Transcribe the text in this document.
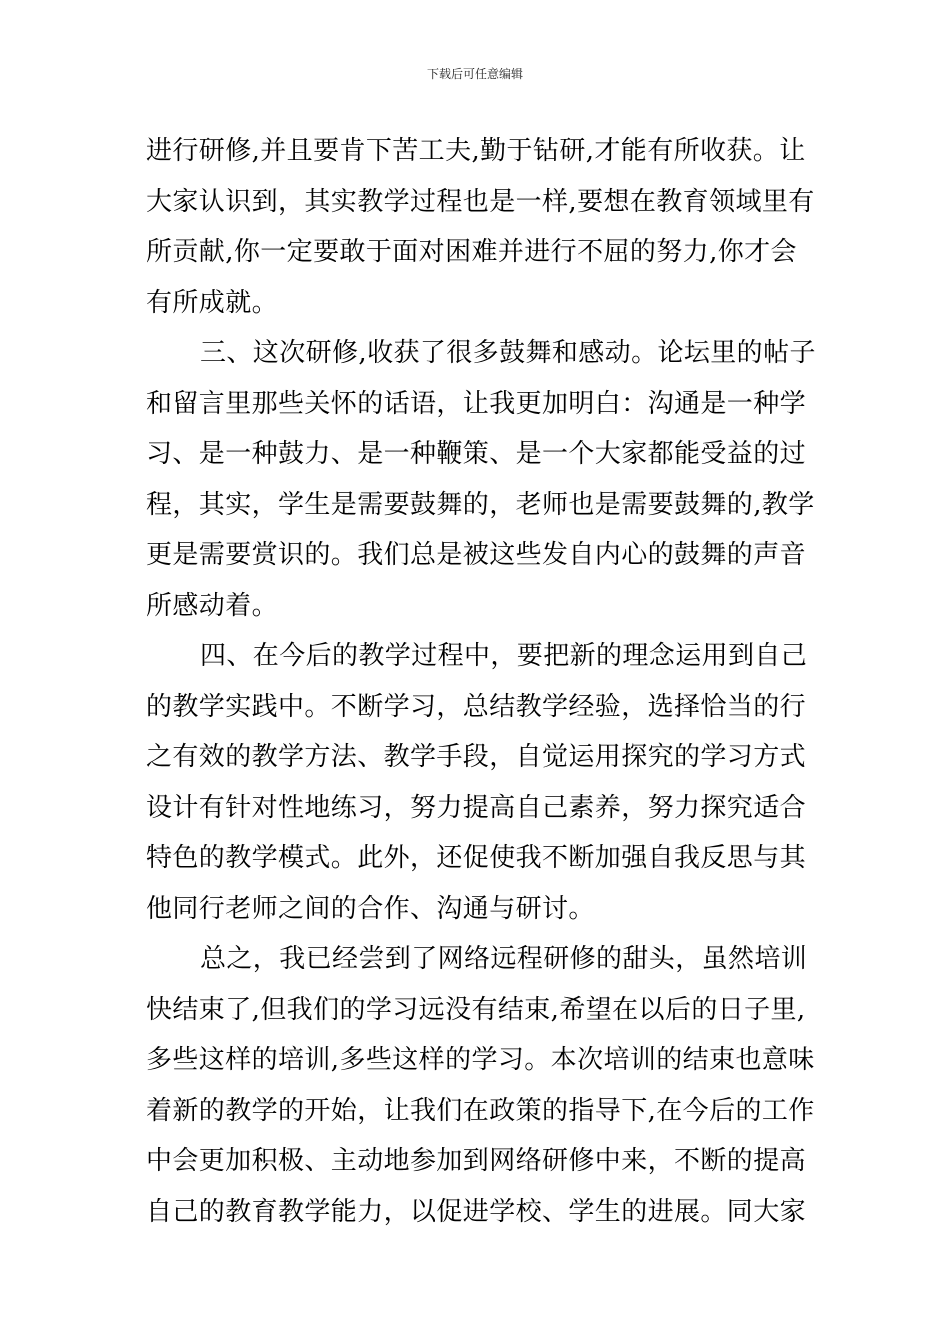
下载后可任意编辑

进行研修,并且要肯下苦工夫,勤于钻研,才能有所收获。让
大家认识到，其实教学过程也是一样,要想在教育领域里有
所贡献,你一定要敢于面对困难并进行不屈的努力,你才会
有所成就。

三、这次研修,收获了很多鼓舞和感动。论坛里的帖子
和留言里那些关怀的话语，让我更加明白：沟通是一种学
习、是一种鼓力、是一种鞭策、是一个大家都能受益的过
程，其实，学生是需要鼓舞的，老师也是需要鼓舞的,教学
更是需要赏识的。我们总是被这些发自内心的鼓舞的声音
所感动着。

四、在今后的教学过程中，要把新的理念运用到自己
的教学实践中。不断学习，总结教学经验，选择恰当的行
之有效的教学方法、教学手段，自觉运用探究的学习方式
设计有针对性地练习，努力提高自己素养，努力探究适合
特色的教学模式。此外，还促使我不断加强自我反思与其
他同行老师之间的合作、沟通与研讨。

总之，我已经尝到了网络远程研修的甜头，虽然培训
快结束了,但我们的学习远没有结束,希望在以后的日子里,
多些这样的培训,多些这样的学习。本次培训的结束也意味
着新的教学的开始，让我们在政策的指导下,在今后的工作
中会更加积极、主动地参加到网络研修中来，不断的提高
自己的教育教学能力，以促进学校、学生的进展。同大家
